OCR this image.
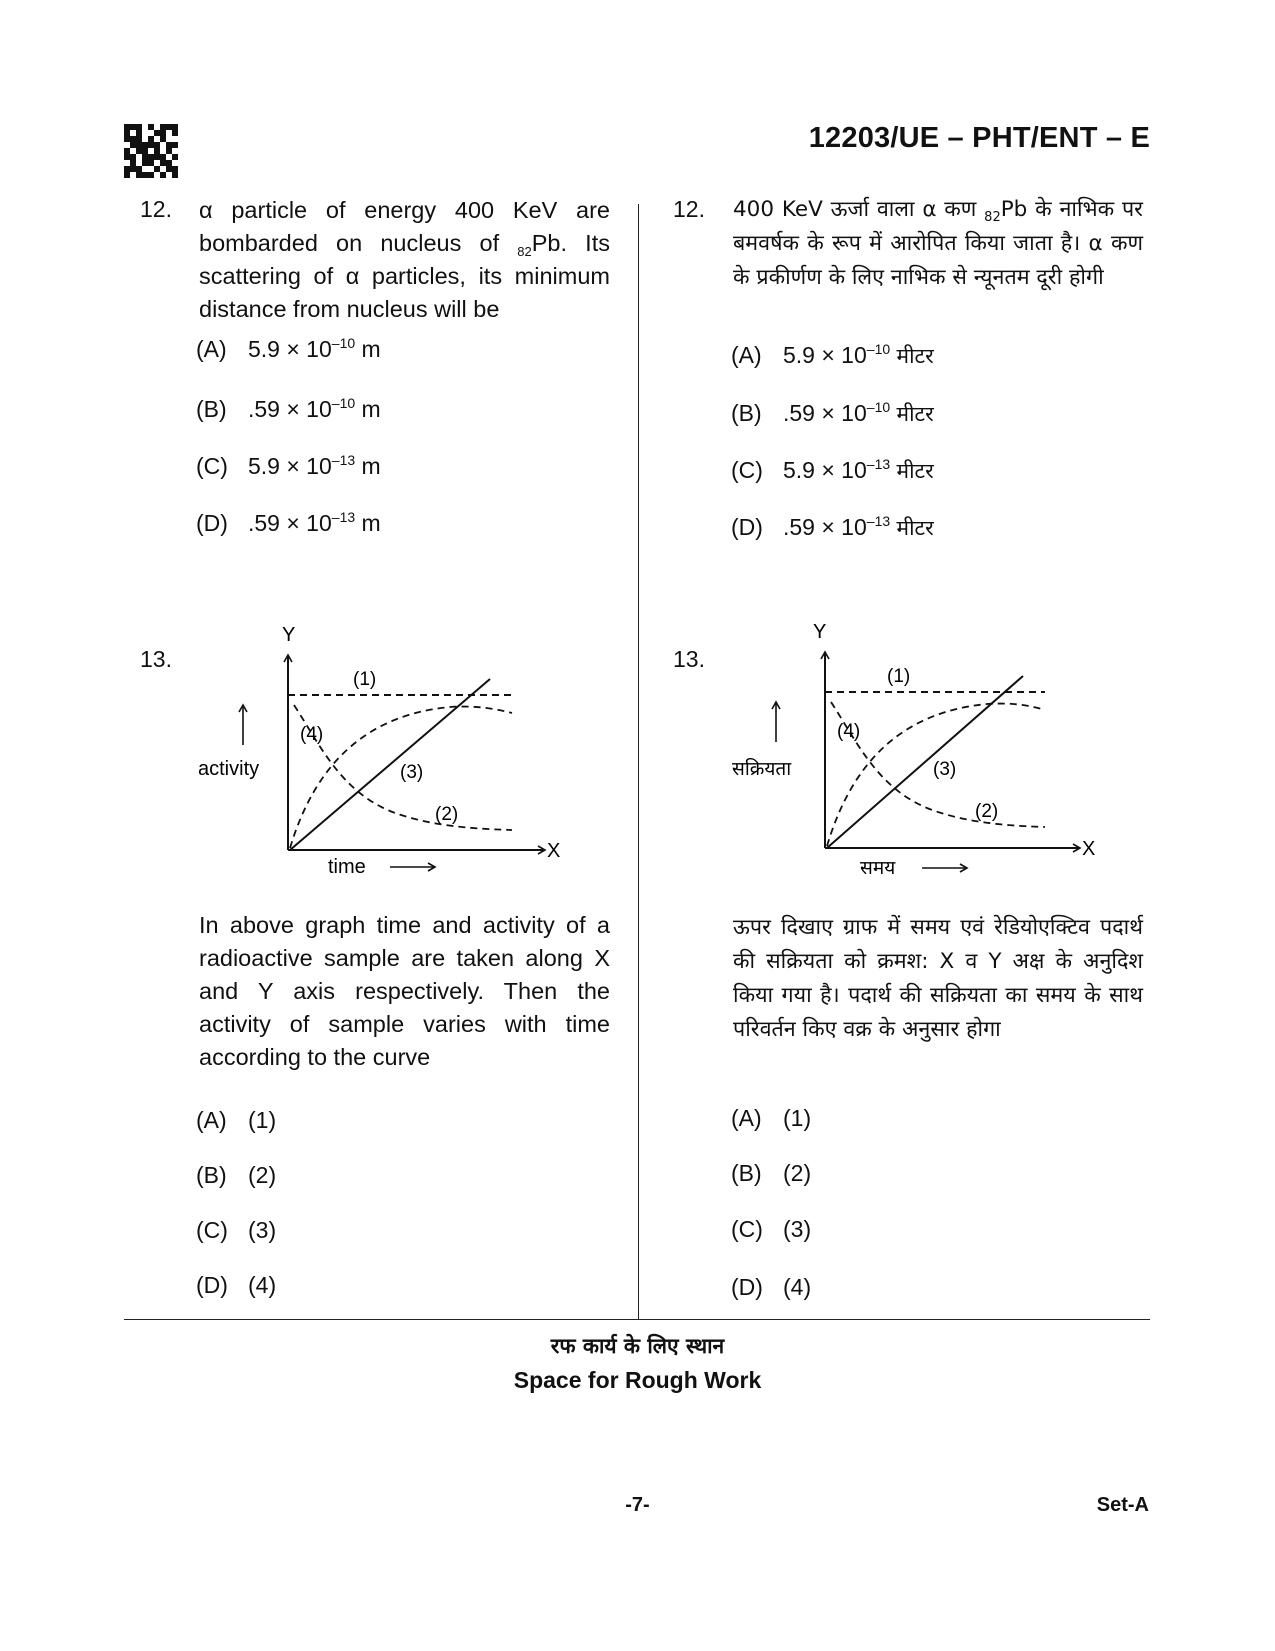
12203/UE – PHT/ENT – E
12. α particle of energy 400 KeV are bombarded on nucleus of $_{82}$Pb. Its scattering of α particles, its minimum distance from nucleus will be
(A) $5.9 \times 10^{-10}$ m
(B) $.59 \times 10^{-10}$ m
(C) $5.9 \times 10^{-13}$ m
(D) $.59 \times 10^{-13}$ m
13.
Y
X
activity
time
(1)
(3)
(4)
(2)
In above graph time and activity of a radioactive sample are taken along X and Y axis respectively. Then the activity of sample varies with time according to the curve
(A) (1)
(B) (2)
(C) (3)
(D) (4)
12. 400 KeV ऊर्जा वाला α कण $_{82}$Pb के नाभिक पर बमवर्षक के रूप में आरोपित किया जाता है। α कण के प्रकीर्णण के लिए नाभिक से न्यूनतम दूरी होगी
(A) $5.9 \times 10^{-10}$ मीटर
(B) $.59 \times 10^{-10}$ मीटर
(C) $5.9 \times 10^{-13}$ मीटर
(D) $.59 \times 10^{-13}$ मीटर
13.
Y
X
सक्रियता
समय
(1)
(3)
(4)
(2)
ऊपर दिखाए ग्राफ में समय एवं रेडियोएक्टिव पदार्थ की सक्रियता को क्रमश: X व Y अक्ष के अनुदिश किया गया है। पदार्थ की सक्रियता का समय के साथ परिवर्तन किए वक्र के अनुसार होगा
(A) (1)
(B) (2)
(C) (3)
(D) (4)
रफ कार्य के लिए स्थान
Space for Rough Work
-7-	Set-A
